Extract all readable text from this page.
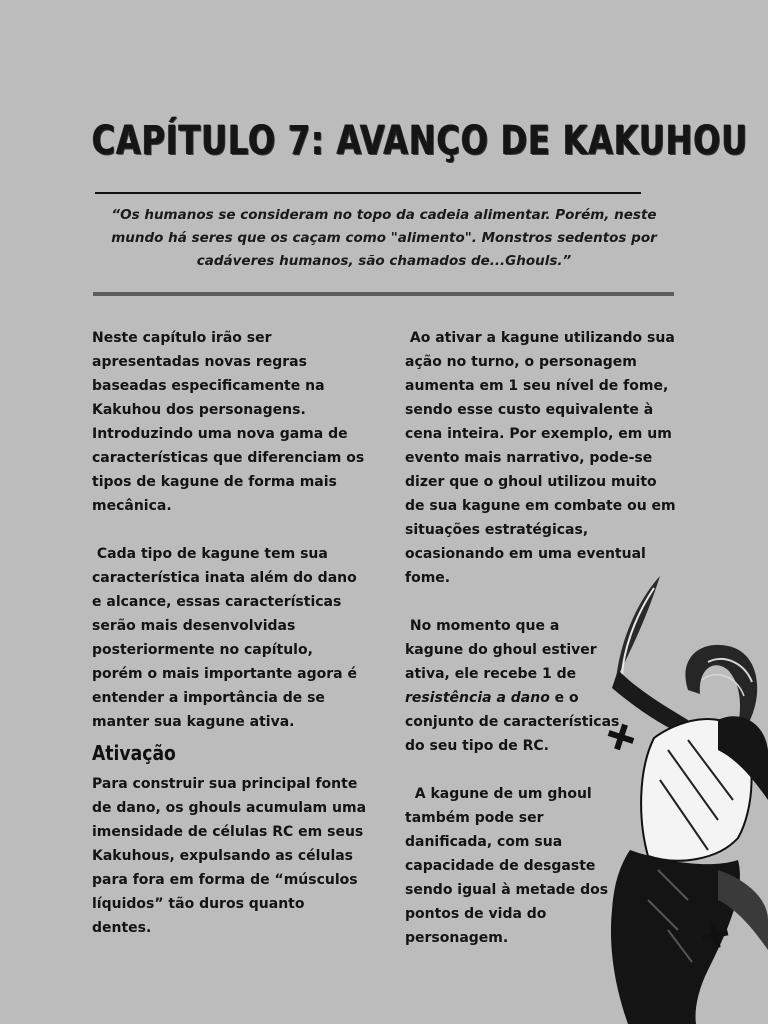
CAPÍTULO 7: AVANÇO DE KAKUHOU
“Os humanos se consideram no topo da cadeia alimentar. Porém, neste mundo há seres que os caçam como "alimento". Monstros sedentos por cadáveres humanos, são chamados de...Ghouls.”

Neste capítulo irão ser apresentadas novas regras baseadas especificamente na Kakuhou dos personagens. Introduzindo uma nova gama de características que diferenciam os tipos de kagune de forma mais mecânica.

Cada tipo de kagune tem sua característica inata além do dano e alcance, essas características serão mais desenvolvidas posteriormente no capítulo, porém o mais importante agora é entender a importância de se manter sua kagune ativa.

Ativação

Para construir sua principal fonte de dano, os ghouls acumulam uma imensidade de células RC em seus Kakuhous, expulsando as células para fora em forma de “músculos líquidos” tão duros quanto dentes.

Ao ativar a kagune utilizando sua ação no turno, o personagem aumenta em 1 seu nível de fome, sendo esse custo equivalente à cena inteira. Por exemplo, em um evento mais narrativo, pode-se dizer que o ghoul utilizou muito de sua kagune em combate ou em situações estratégicas, ocasionando em uma eventual fome.

No momento que a kagune do ghoul estiver ativa, ele recebe 1 de resistência a dano e o conjunto de características do seu tipo de RC.

A kagune de um ghoul também pode ser danificada, com sua capacidade de desgaste sendo igual à metade dos pontos de vida do personagem.
